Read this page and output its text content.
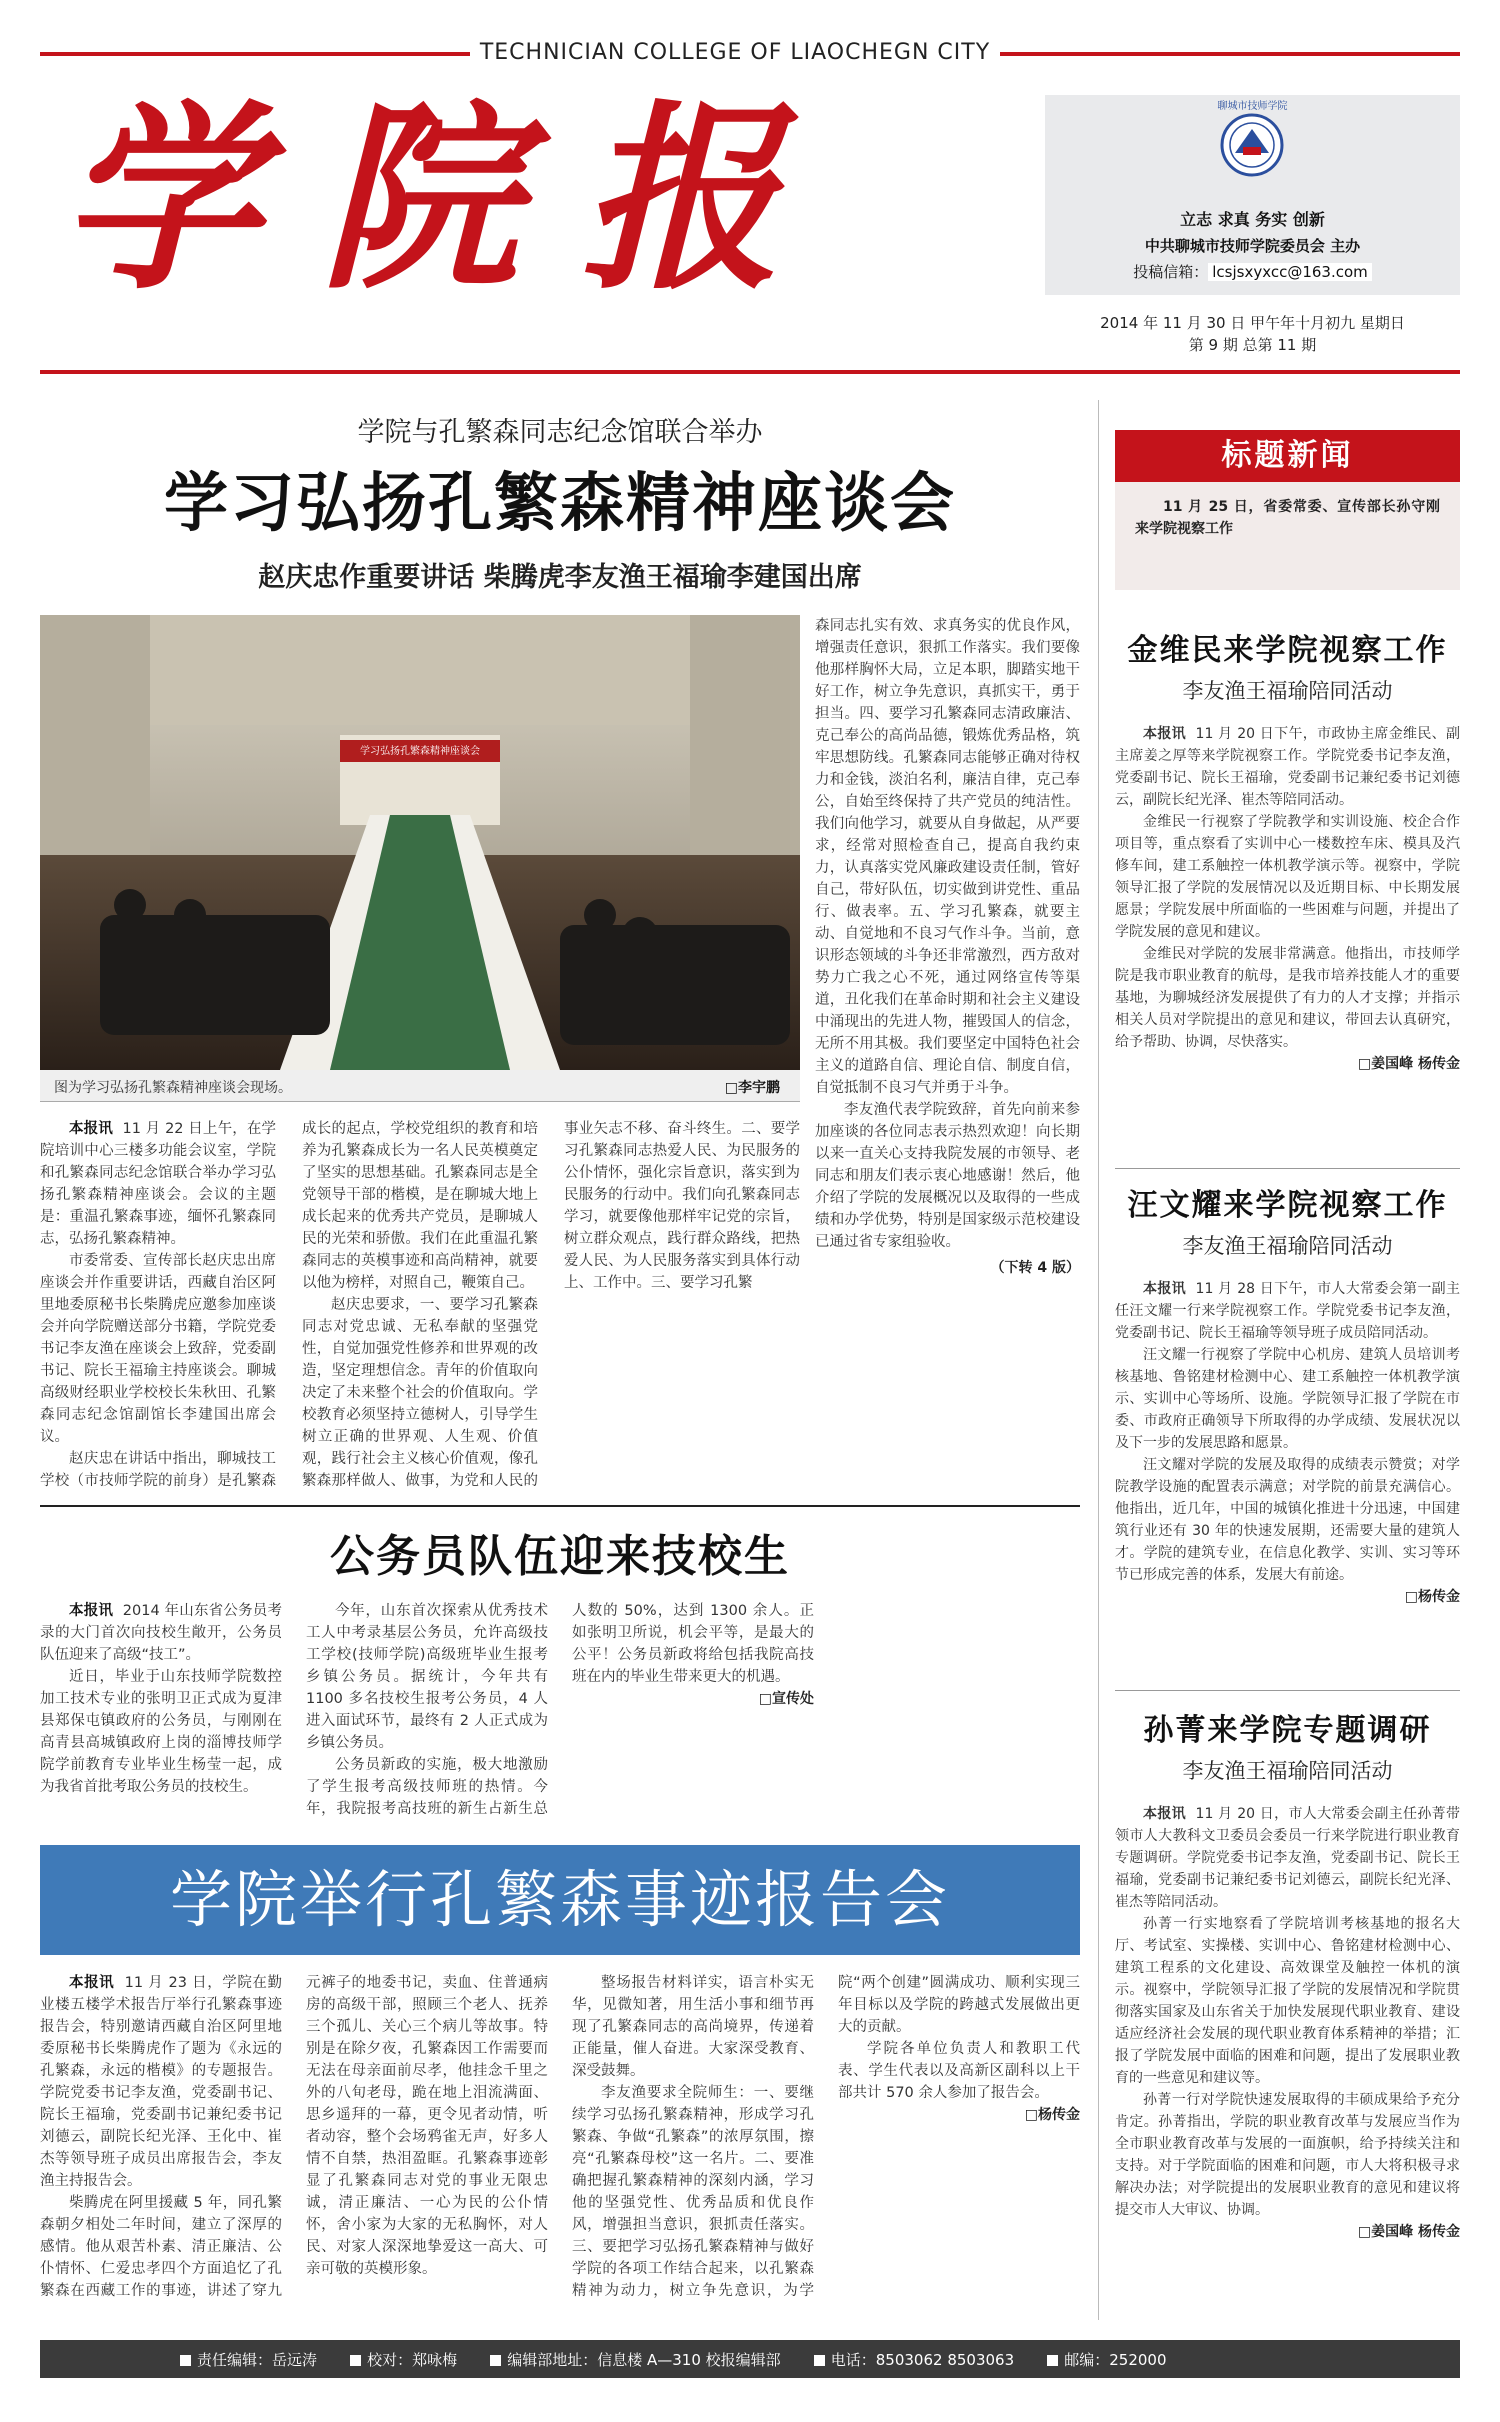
TECHNICIAN COLLEGE OF LIAOCHEGN CITY
学院报	聊城市技师学院
立志 求真 务实 创新
中共聊城市技师学院委员会 主办
投稿信箱： lcsjsxyxcc@163.com
2014 年 11 月 30 日 甲午年十月初九 星期日
第 9 期 总第 11 期
学院与孔繁森同志纪念馆联合举办
学习弘扬孔繁森精神座谈会
赵庆忠作重要讲话 柴腾虎李友渔王福瑜李建国出席
学习弘扬孔繁森精神座谈会
图为学习弘扬孔繁森精神座谈会现场。	□李宇鹏

森同志扎实有效、求真务实的优良作风，增强责任意识，狠抓工作落实。我们要像他那样胸怀大局，立足本职，脚踏实地干好工作，树立争先意识，真抓实干，勇于担当。四、要学习孔繁森同志清政廉洁、克己奉公的高尚品德，锻炼优秀品格，筑牢思想防线。孔繁森同志能够正确对待权力和金钱，淡泊名利，廉洁自律，克己奉公，自始至终保持了共产党员的纯洁性。我们向他学习，就要从自身做起，从严要求，经常对照检查自己，提高自我约束力，认真落实党风廉政建设责任制，管好自己，带好队伍，切实做到讲党性、重品行、做表率。五、学习孔繁森，就要主动、自觉地和不良习气作斗争。当前，意识形态领域的斗争还非常激烈，西方敌对势力亡我之心不死，通过网络宣传等渠道，丑化我们在革命时期和社会主义建设中涌现出的先进人物，摧毁国人的信念，无所不用其极。我们要坚定中国特色社会主义的道路自信、理论自信、制度自信，自觉抵制不良习气并勇于斗争。

李友渔代表学院致辞，首先向前来参加座谈的各位同志表示热烈欢迎！向长期以来一直关心支持我院发展的市领导、老同志和朋友们表示衷心地感谢！然后，他介绍了学院的发展概况以及取得的一些成绩和办学优势，特别是国家级示范校建设已通过省专家组验收。

（下转 4 版）

本报讯 11 月 22 日上午，在学院培训中心三楼多功能会议室，学院和孔繁森同志纪念馆联合举办学习弘扬孔繁森精神座谈会。会议的主题是：重温孔繁森事迹，缅怀孔繁森同志，弘扬孔繁森精神。

市委常委、宣传部长赵庆忠出席座谈会并作重要讲话，西藏自治区阿里地委原秘书长柴腾虎应邀参加座谈会并向学院赠送部分书籍，学院党委书记李友渔在座谈会上致辞，党委副书记、院长王福瑜主持座谈会。聊城高级财经职业学校校长朱秋田、孔繁森同志纪念馆副馆长李建国出席会议。

赵庆忠在讲话中指出，聊城技工学校（市技师学院的前身）是孔繁森成长的起点，学校党组织的教育和培养为孔繁森成长为一名人民英模奠定了坚实的思想基础。孔繁森同志是全党领导干部的楷模，是在聊城大地上成长起来的优秀共产党员，是聊城人民的光荣和骄傲。我们在此重温孔繁森同志的英模事迹和高尚精神，就要以他为榜样，对照自己，鞭策自己。

赵庆忠要求，一、要学习孔繁森同志对党忠诚、无私奉献的坚强党性，自觉加强党性修养和世界观的改造，坚定理想信念。青年的价值取向决定了未来整个社会的价值取向。学校教育必须坚持立德树人，引导学生树立正确的世界观、人生观、价值观，践行社会主义核心价值观，像孔繁森那样做人、做事，为党和人民的事业矢志不移、奋斗终生。二、要学习孔繁森同志热爱人民、为民服务的公仆情怀，强化宗旨意识，落实到为民服务的行动中。我们向孔繁森同志学习，就要像他那样牢记党的宗旨，树立群众观点，践行群众路线，把热爱人民、为人民服务落实到具体行动上、工作中。三、要学习孔繁

公务员队伍迎来技校生

本报讯 2014 年山东省公务员考录的大门首次向技校生敞开，公务员队伍迎来了高级“技工”。

近日，毕业于山东技师学院数控加工技术专业的张明卫正式成为夏津县郑保屯镇政府的公务员，与刚刚在高青县高城镇政府上岗的淄博技师学院学前教育专业毕业生杨莹一起，成为我省首批考取公务员的技校生。

今年，山东首次探索从优秀技术工人中考录基层公务员，允许高级技工学校(技师学院)高级班毕业生报考乡镇公务员。据统计，今年共有 1100 多名技校生报考公务员，4 人进入面试环节，最终有 2 人正式成为乡镇公务员。

公务员新政的实施，极大地激励了学生报考高级技师班的热情。今年，我院报考高技班的新生占新生总人数的 50%，达到 1300 余人。正如张明卫所说，机会平等，是最大的公平！公务员新政将给包括我院高技班在内的毕业生带来更大的机遇。

□宣传处
学院举行孔繁森事迹报告会

本报讯 11 月 23 日，学院在勤业楼五楼学术报告厅举行孔繁森事迹报告会，特别邀请西藏自治区阿里地委原秘书长柴腾虎作了题为《永远的孔繁森，永远的楷模》的专题报告。学院党委书记李友渔，党委副书记、院长王福瑜，党委副书记兼纪委书记刘德云，副院长纪光泽、王化中、崔杰等领导班子成员出席报告会，李友渔主持报告会。

柴腾虎在阿里援藏 5 年，同孔繁森朝夕相处二年时间，建立了深厚的感情。他从艰苦朴素、清正廉洁、公仆情怀、仁爱忠孝四个方面追忆了孔繁森在西藏工作的事迹，讲述了穿九元裤子的地委书记，卖血、住普通病房的高级干部，照顾三个老人、抚养三个孤儿、关心三个病儿等故事。特别是在除夕夜，孔繁森因工作需要而无法在母亲面前尽孝，他挂念千里之外的八旬老母，跪在地上泪流满面、思乡遥拜的一幕，更令见者动情，听者动容，整个会场鸦雀无声，好多人情不自禁，热泪盈眶。孔繁森事迹彰显了孔繁森同志对党的事业无限忠诚，清正廉洁、一心为民的公仆情怀，舍小家为大家的无私胸怀，对人民、对家人深深地挚爱这一高大、可亲可敬的英模形象。

整场报告材料详实，语言朴实无华，见微知著，用生活小事和细节再现了孔繁森同志的高尚境界，传递着正能量，催人奋进。大家深受教育、深受鼓舞。

李友渔要求全院师生：一、要继续学习弘扬孔繁森精神，形成学习孔繁森、争做“孔繁森”的浓厚氛围，擦亮“孔繁森母校”这一名片。二、要准确把握孔繁森精神的深刻内涵，学习他的坚强党性、优秀品质和优良作风，增强担当意识，狠抓责任落实。三、要把学习弘扬孔繁森精神与做好学院的各项工作结合起来，以孔繁森精神为动力，树立争先意识，为学院“两个创建”圆满成功、顺利实现三年目标以及学院的跨越式发展做出更大的贡献。

学院各单位负责人和教职工代表、学生代表以及高新区副科以上干部共计 570 余人参加了报告会。

□杨传金
标题新闻

11 月 25 日，省委常委、宣传部长孙守刚来学院视察工作

金维民来学院视察工作
李友渔王福瑜陪同活动

本报讯 11 月 20 日下午，市政协主席金维民、副主席姜之厚等来学院视察工作。学院党委书记李友渔，党委副书记、院长王福瑜，党委副书记兼纪委书记刘德云，副院长纪光泽、崔杰等陪同活动。

金维民一行视察了学院教学和实训设施、校企合作项目等，重点察看了实训中心一楼数控车床、模具及汽修车间，建工系触控一体机教学演示等。视察中，学院领导汇报了学院的发展情况以及近期目标、中长期发展愿景；学院发展中所面临的一些困难与问题，并提出了学院发展的意见和建议。

金维民对学院的发展非常满意。他指出，市技师学院是我市职业教育的航母，是我市培养技能人才的重要基地，为聊城经济发展提供了有力的人才支撑；并指示相关人员对学院提出的意见和建议，带回去认真研究，给予帮助、协调，尽快落实。

□姜国峰 杨传金
汪文耀来学院视察工作
李友渔王福瑜陪同活动

本报讯 11 月 28 日下午，市人大常委会第一副主任汪文耀一行来学院视察工作。学院党委书记李友渔，党委副书记、院长王福瑜等领导班子成员陪同活动。

汪文耀一行视察了学院中心机房、建筑人员培训考核基地、鲁铭建材检测中心、建工系触控一体机教学演示、实训中心等场所、设施。学院领导汇报了学院在市委、市政府正确领导下所取得的办学成绩、发展状况以及下一步的发展思路和愿景。

汪文耀对学院的发展及取得的成绩表示赞赏；对学院教学设施的配置表示满意；对学院的前景充满信心。他指出，近几年，中国的城镇化推进十分迅速，中国建筑行业还有 30 年的快速发展期，还需要大量的建筑人才。学院的建筑专业，在信息化教学、实训、实习等环节已形成完善的体系，发展大有前途。

□杨传金
孙菁来学院专题调研
李友渔王福瑜陪同活动

本报讯 11 月 20 日，市人大常委会副主任孙菁带领市人大教科文卫委员会委员一行来学院进行职业教育专题调研。学院党委书记李友渔，党委副书记、院长王福瑜，党委副书记兼纪委书记刘德云，副院长纪光泽、崔杰等陪同活动。

孙菁一行实地察看了学院培训考核基地的报名大厅、考试室、实操楼、实训中心、鲁铭建材检测中心、建筑工程系的文化建设、高效课堂及触控一体机的演示。视察中，学院领导汇报了学院的发展情况和学院贯彻落实国家及山东省关于加快发展现代职业教育、建设适应经济社会发展的现代职业教育体系精神的举措；汇报了学院发展中面临的困难和问题，提出了发展职业教育的一些意见和建议等。

孙菁一行对学院快速发展取得的丰硕成果给予充分肯定。孙菁指出，学院的职业教育改革与发展应当作为全市职业教育改革与发展的一面旗帜，给予持续关注和支持。对于学院面临的困难和问题，市人大将积极寻求解决办法；对学院提出的发展职业教育的意见和建议将提交市人大审议、协调。

□姜国峰 杨传金
责任编辑：岳远涛	校对：郑咏梅	编辑部地址：信息楼 A—310 校报编辑部	电话：8503062 8503063	邮编：252000
